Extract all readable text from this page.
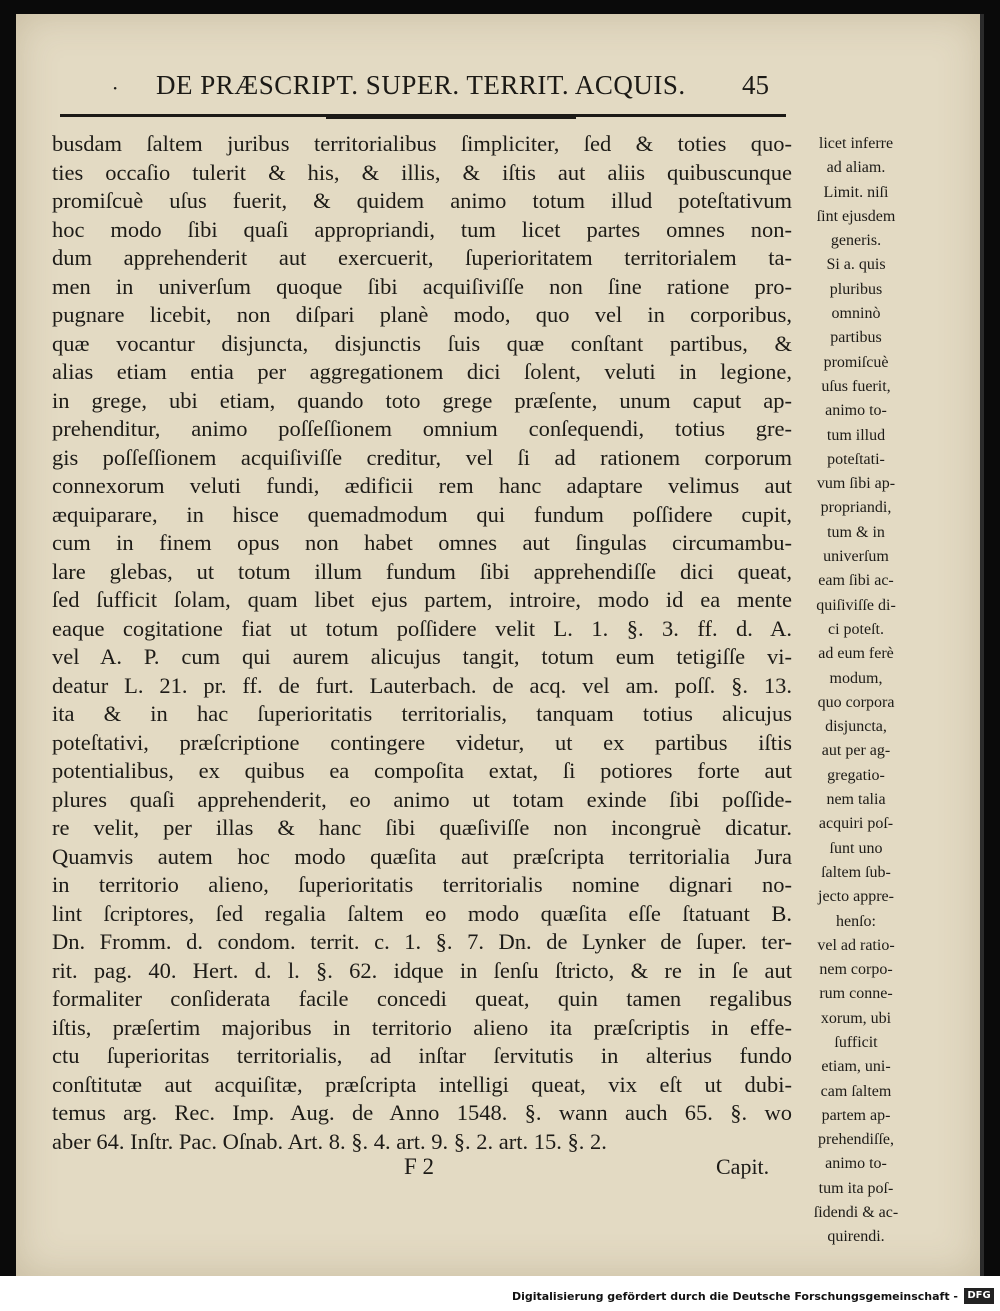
· DE PRÆSCRIPT. SUPER. TERRIT. ACQUIS. 45
busdam ſaltem juribus territorialibus ſimpliciter, ſed & toties quo-
ties occaſio tulerit & his, & illis, & iſtis aut aliis quibuscunque
promiſcuè uſus fuerit, & quidem animo totum illud poteſtativum
hoc modo ſibi quaſi appropriandi, tum licet partes omnes non-
dum apprehenderit aut exercuerit, ſuperioritatem territorialem ta-
men in univerſum quoque ſibi acquiſiviſſe non ſine ratione pro-
pugnare licebit, non diſpari planè modo, quo vel in corporibus,
quæ vocantur disjuncta, disjunctis ſuis quæ conſtant partibus, &
alias etiam entia per aggregationem dici ſolent, veluti in legione,
in grege, ubi etiam, quando toto grege præſente, unum caput ap-
prehenditur, animo poſſeſſionem omnium conſequendi, totius gre-
gis poſſeſſionem acquiſiviſſe creditur, vel ſi ad rationem corporum
connexorum veluti fundi, ædificii rem hanc adaptare velimus aut
æquiparare, in hisce quemadmodum qui fundum poſſidere cupit,
cum in finem opus non habet omnes aut ſingulas circumambu-
lare glebas, ut totum illum fundum ſibi apprehendiſſe dici queat,
ſed ſufficit ſolam, quam libet ejus partem, introire, modo id ea mente
eaque cogitatione fiat ut totum poſſidere velit L. 1. §. 3. ff. d. A.
vel A. P. cum qui aurem alicujus tangit, totum eum tetigiſſe vi-
deatur L. 21. pr. ff. de furt. Lauterbach. de acq. vel am. poſſ. §. 13.
ita & in hac ſuperioritatis territorialis, tanquam totius alicujus
poteſtativi, præſcriptione contingere videtur, ut ex partibus iſtis
potentialibus, ex quibus ea compoſita extat, ſi potiores forte aut
plures quaſi apprehenderit, eo animo ut totam exinde ſibi poſſide-
re velit, per illas & hanc ſibi quæſiviſſe non incongruè dicatur.
Quamvis autem hoc modo quæſita aut præſcripta territorialia Jura
in territorio alieno, ſuperioritatis territorialis nomine dignari no-
lint ſcriptores, ſed regalia ſaltem eo modo quæſita eſſe ſtatuant B.
Dn. Fromm. d. condom. territ. c. 1. §. 7. Dn. de Lynker de ſuper. ter-
rit. pag. 40. Hert. d. l. §. 62. idque in ſenſu ſtricto, & re in ſe aut
formaliter conſiderata facile concedi queat, quin tamen regalibus
iſtis, præſertim majoribus in territorio alieno ita præſcriptis in effe-
ctu ſuperioritas territorialis, ad inſtar ſervitutis in alterius fundo
conſtitutæ aut acquiſitæ, præſcripta intelligi queat, vix eſt ut dubi-
temus arg. Rec. Imp. Aug. de Anno 1548. §. wann auch 65. §. wo
aber 64. Inſtr. Pac. Oſnab. Art. 8. §. 4. art. 9. §. 2. art. 15. §. 2.
licet inferre
ad aliam.
Limit. niſi
ſint ejusdem
generis.
Si a. quis
pluribus
omninò
partibus
promiſcuè
uſus fuerit,
animo to-
tum illud
poteſtati-
vum ſibi ap-
propriandi,
tum & in
univerſum
eam ſibi ac-
quiſiviſſe di-
ci poteſt.
ad eum ferè
modum,
quo corpora
disjuncta,
aut per ag-
gregatio-
nem talia
acquiri poſ-
ſunt uno
ſaltem ſub-
jecto appre-
henſo:
vel ad ratio-
nem corpo-
rum conne-
xorum, ubi
ſufficit
etiam, uni-
cam ſaltem
partem ap-
prehendiſſe,
animo to-
tum ita poſ-
ſidendi & ac-
quirendi.
F 2	Capit.
Digitalisierung gefördert durch die Deutsche Forschungsgemeinschaft - DFG
